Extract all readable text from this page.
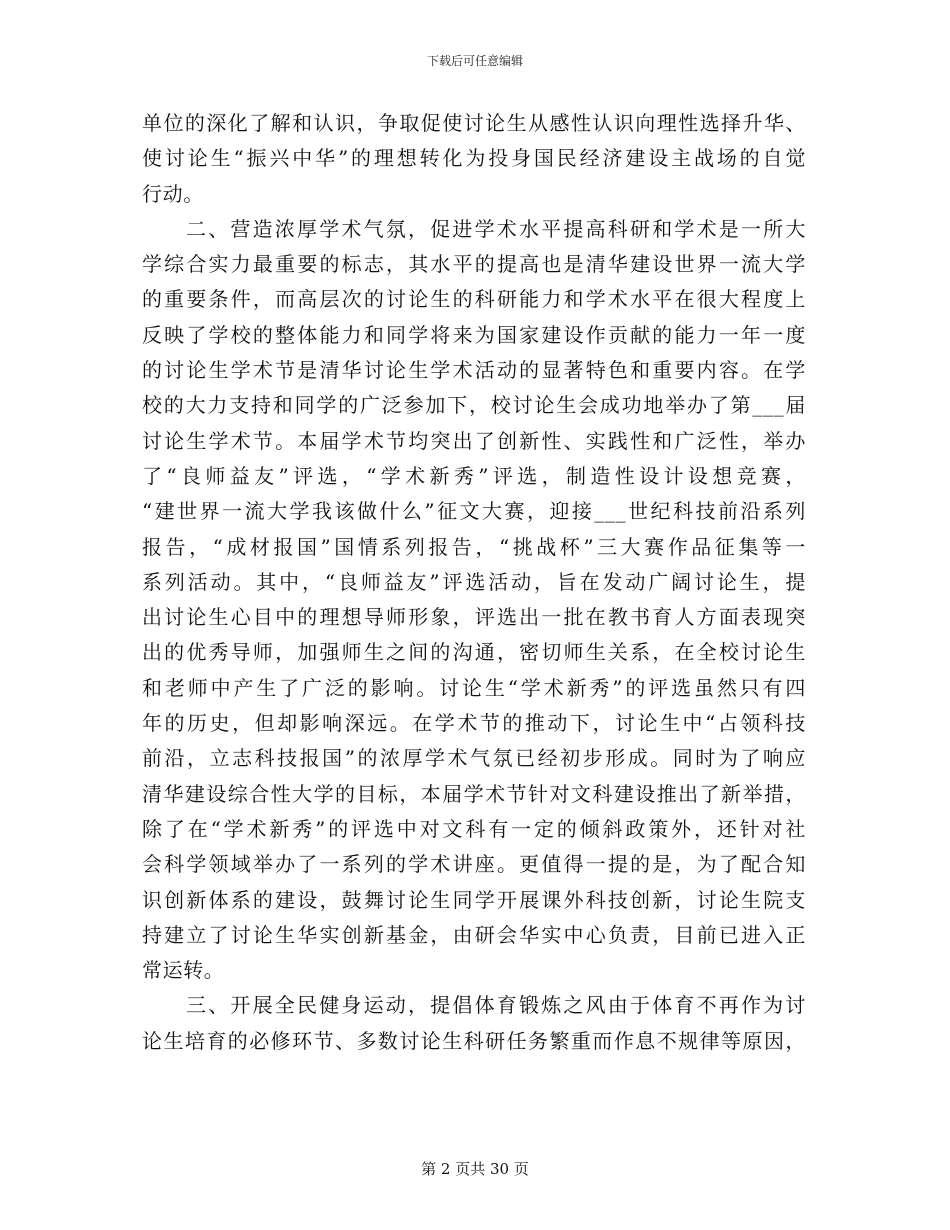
下载后可任意编辑
单位的深化了解和认识，争取促使讨论生从感性认识向理性选择升华、
使讨论生“振兴中华”的理想转化为投身国民经济建设主战场的自觉
行动。
二、营造浓厚学术气氛，促进学术水平提高科研和学术是一所大
学综合实力最重要的标志，其水平的提高也是清华建设世界一流大学
的重要条件，而高层次的讨论生的科研能力和学术水平在很大程度上
反映了学校的整体能力和同学将来为国家建设作贡献的能力一年一度
的讨论生学术节是清华讨论生学术活动的显著特色和重要内容。在学
校的大力支持和同学的广泛参加下，校讨论生会成功地举办了第___届
讨论生学术节。本届学术节均突出了创新性、实践性和广泛性，举办
了“良师益友”评选，“学术新秀”评选，制造性设计设想竞赛，
“建世界一流大学我该做什么”征文大赛，迎接___世纪科技前沿系列
报告，“成材报国”国情系列报告，“挑战杯”三大赛作品征集等一
系列活动。其中，“良师益友”评选活动，旨在发动广阔讨论生，提
出讨论生心目中的理想导师形象，评选出一批在教书育人方面表现突
出的优秀导师，加强师生之间的沟通，密切师生关系，在全校讨论生
和老师中产生了广泛的影响。讨论生“学术新秀”的评选虽然只有四
年的历史，但却影响深远。在学术节的推动下，讨论生中“占领科技
前沿，立志科技报国”的浓厚学术气氛已经初步形成。同时为了响应
清华建设综合性大学的目标，本届学术节针对文科建设推出了新举措，
除了在“学术新秀”的评选中对文科有一定的倾斜政策外，还针对社
会科学领域举办了一系列的学术讲座。更值得一提的是，为了配合知
识创新体系的建设，鼓舞讨论生同学开展课外科技创新，讨论生院支
持建立了讨论生华实创新基金，由研会华实中心负责，目前已进入正
常运转。
三、开展全民健身运动，提倡体育锻炼之风由于体育不再作为讨
论生培育的必修环节、多数讨论生科研任务繁重而作息不规律等原因，
第 2 页共 30 页
